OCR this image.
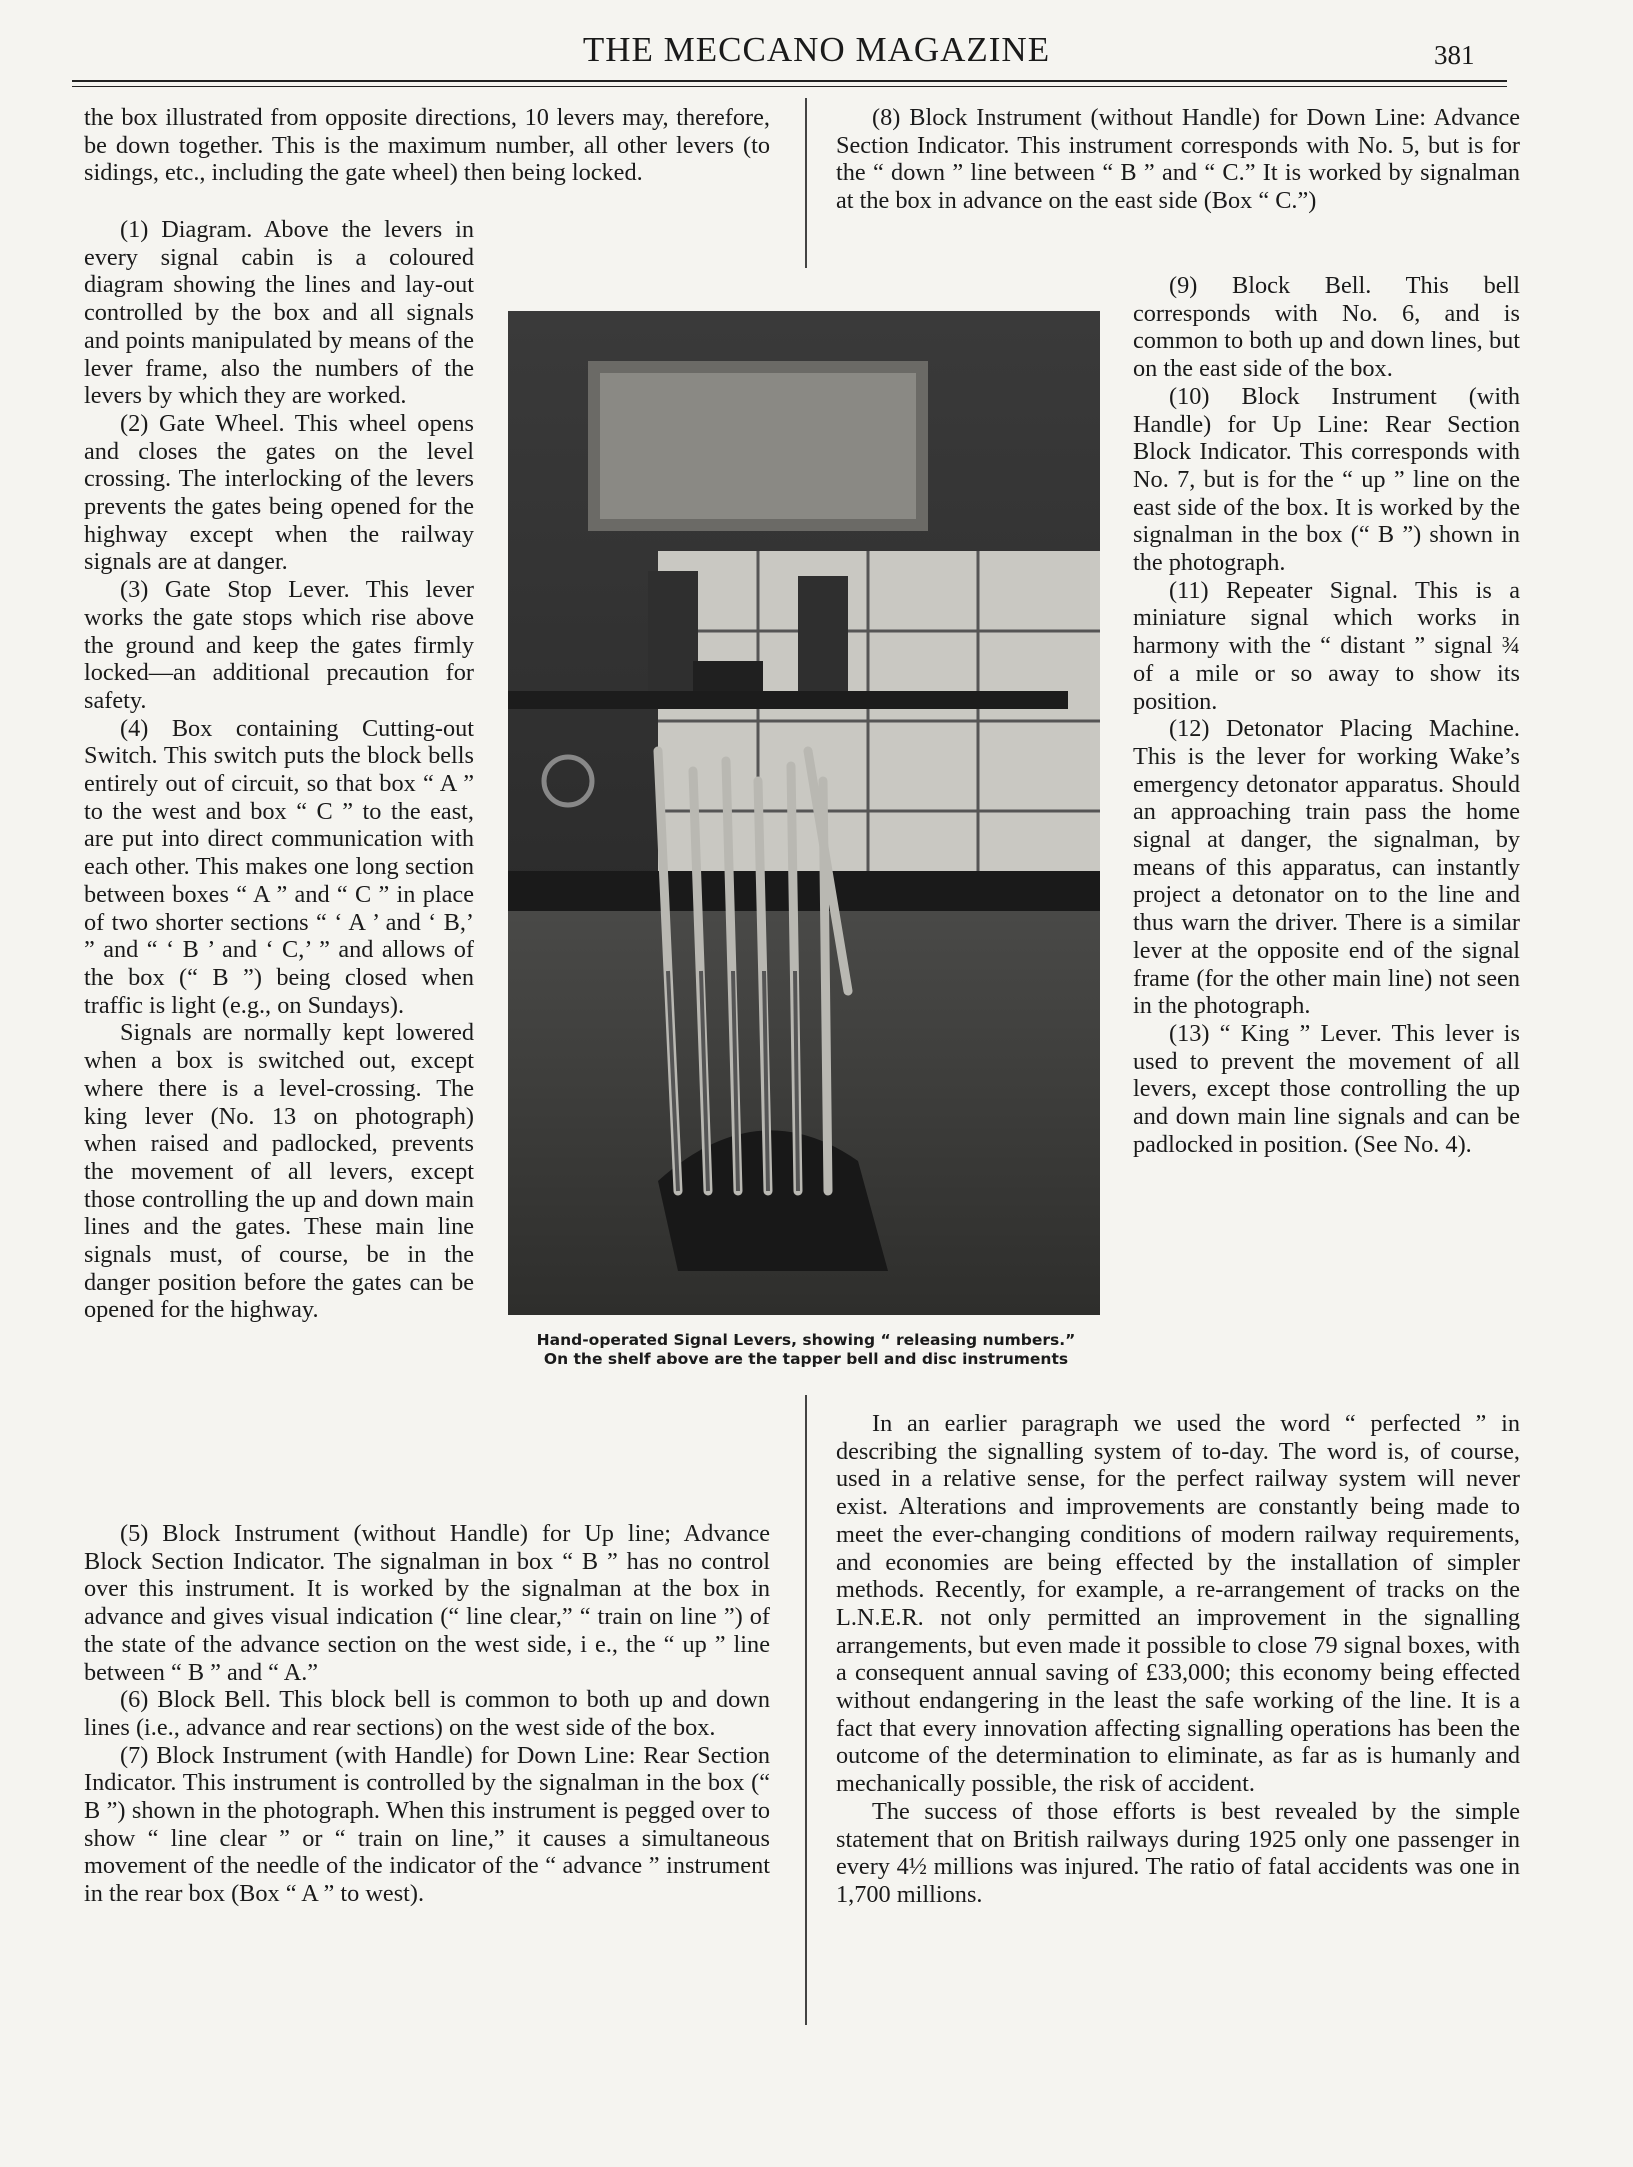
THE MECCANO MAGAZINE	381

the box illustrated from opposite directions, 10 levers may, therefore, be down together. This is the maximum number, all other levers (to sidings, etc., including the gate wheel) then being locked.

(1) Diagram. Above the levers in every signal cabin is a coloured diagram showing the lines and lay-out controlled by the box and all signals and points manipulated by means of the lever frame, also the numbers of the levers by which they are worked.

(2) Gate Wheel. This wheel opens and closes the gates on the level crossing. The interlocking of the levers prevents the gates being opened for the highway except when the railway signals are at danger.

(3) Gate Stop Lever. This lever works the gate stops which rise above the ground and keep the gates firmly locked—an additional precaution for safety.

(4) Box containing Cutting-out Switch. This switch puts the block bells entirely out of circuit, so that box “ A ” to the west and box “ C ” to the east, are put into direct communication with each other. This makes one long section between boxes “ A ” and “ C ” in place of two shorter sections “ ‘ A ’ and ‘ B,’ ” and “ ‘ B ’ and ‘ C,’ ” and allows of the box (“ B ”) being closed when traffic is light (e.g., on Sundays).

Signals are normally kept lowered when a box is switched out, except where there is a level-crossing. The king lever (No. 13 on photograph) when raised and padlocked, prevents the movement of all levers, except those controlling the up and down main lines and the gates. These main line signals must, of course, be in the danger position before the gates can be opened for the highway.

(5) Block Instrument (without Handle) for Up line; Advance Block Section Indicator. The signalman in box “ B ” has no control over this instrument. It is worked by the signalman at the box in advance and gives visual indication (“ line clear,” “ train on line ”) of the state of the advance section on the west side, i e., the “ up ” line between “ B ” and “ A.”

(6) Block Bell. This block bell is common to both up and down lines (i.e., advance and rear sections) on the west side of the box.

(7) Block Instrument (with Handle) for Down Line: Rear Section Indicator. This instrument is controlled by the signalman in the box (“ B ”) shown in the photograph. When this instrument is pegged over to show “ line clear ” or “ train on line,” it causes a simultaneous movement of the needle of the indicator of the “ advance ” instrument in the rear box (Box “ A ” to west).

(8) Block Instrument (without Handle) for Down Line: Advance Section Indicator. This instrument corresponds with No. 5, but is for the “ down ” line between “ B ” and “ C.” It is worked by signalman at the box in advance on the east side (Box “ C.”)

(9) Block Bell. This bell corresponds with No. 6, and is common to both up and down lines, but on the east side of the box.

(10) Block Instrument (with Handle) for Up Line: Rear Section Block Indicator. This corresponds with No. 7, but is for the “ up ” line on the east side of the box. It is worked by the signalman in the box (“ B ”) shown in the photograph.

(11) Repeater Signal. This is a miniature signal which works in harmony with the “ distant ” signal ¾ of a mile or so away to show its position.

(12) Detonator Placing Machine. This is the lever for working Wake’s emergency detonator apparatus. Should an approaching train pass the home signal at danger, the signalman, by means of this apparatus, can instantly project a detonator on to the line and thus warn the driver. There is a similar lever at the opposite end of the signal frame (for the other main line) not seen in the photograph.

(13) “ King ” Lever. This lever is used to prevent the movement of all levers, except those controlling the up and down main line signals and can be padlocked in position. (See No. 4).

In an earlier paragraph we used the word “ perfected ” in describing the signalling system of to-day. The word is, of course, used in a relative sense, for the perfect railway system will never exist. Alterations and improvements are constantly being made to meet the ever-changing conditions of modern railway requirements, and economies are being effected by the installation of simpler methods. Recently, for example, a re-arrangement of tracks on the L.N.E.R. not only permitted an improvement in the signalling arrangements, but even made it possible to close 79 signal boxes, with a consequent annual saving of £33,000; this economy being effected without endangering in the least the safe working of the line. It is a fact that every innovation affecting signalling operations has been the outcome of the determination to eliminate, as far as is humanly and mechanically possible, the risk of accident.

The success of those efforts is best revealed by the simple statement that on British railways during 1925 only one passenger in every 4½ millions was injured. The ratio of fatal accidents was one in 1,700 millions.

Hand-operated Signal Levers, showing “ releasing numbers.”
On the shelf above are the tapper bell and disc instruments
